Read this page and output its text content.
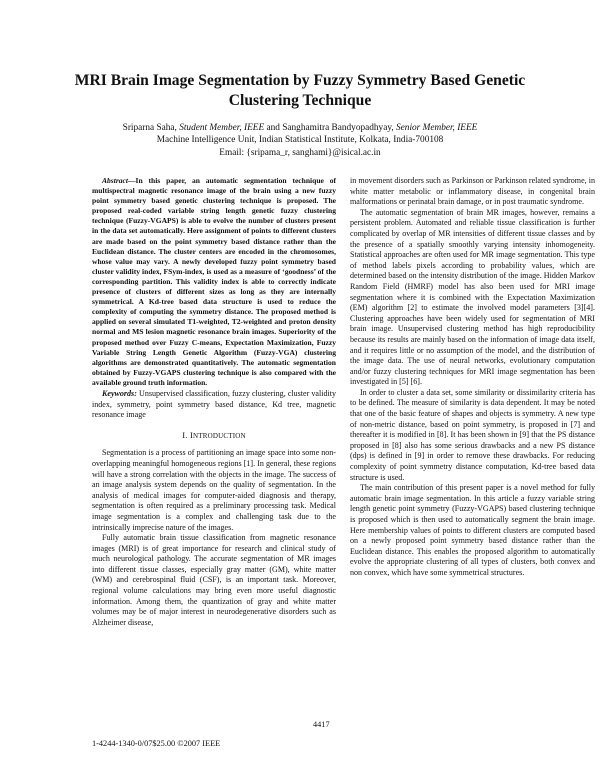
MRI Brain Image Segmentation by Fuzzy Symmetry Based Genetic
Clustering Technique

Sriparna Saha, Student Member, IEEE and Sanghamitra Bandyopadhyay, Senior Member, IEEE

Machine Intelligence Unit, Indian Statistical Institute, Kolkata, India-700108

Email: {sripama_r, sanghami}@isical.ac.in

Abstract—In this paper, an automatic segmentation technique of multispectral magnetic resonance image of the brain using a new fuzzy point symmetry based genetic clustering technique is proposed. The proposed real-coded variable string length genetic fuzzy clustering technique (Fuzzy-VGAPS) is able to evolve the number of clusters present in the data set automatically. Here assignment of points to different clusters are made based on the point symmetry based distance rather than the Euclidean distance. The cluster centers are encoded in the chromosomes, whose value may vary. A newly developed fuzzy point symmetry based cluster validity index, FSym-index, is used as a measure of ‘goodness’ of the corresponding partition. This validity index is able to correctly indicate presence of clusters of different sizes as long as they are internally symmetrical. A Kd-tree based data structure is used to reduce the complexity of computing the symmetry distance. The proposed method is applied on several simulated T1-weighted, T2-weighted and proton density normal and MS lesion magnetic resonance brain images. Superiority of the proposed method over Fuzzy C-means, Expectation Maximization, Fuzzy Variable String Length Genetic Algorithm (Fuzzy-VGA) clustering algorithms are demonstrated quantitatively. The automatic segmentation obtained by Fuzzy-VGAPS clustering technique is also compared with the available ground truth information.

Keywords: Unsupervised classification, fuzzy clustering, cluster validity index, symmetry, point symmetry based distance, Kd tree, magnetic resonance image

I. INTRODUCTION

Segmentation is a process of partitioning an image space into some non-overlapping meaningful homogeneous regions [1]. In general, these regions will have a strong correlation with the objects in the image. The success of an image analysis system depends on the quality of segmentation. In the analysis of medical images for computer-aided diagnosis and therapy, segmentation is often required as a preliminary processing task. Medical image segmentation is a complex and challenging task due to the intrinsically imprecise nature of the images.

Fully automatic brain tissue classification from magnetic resonance images (MRI) is of great importance for research and clinical study of much neurological pathology. The accurate segmentation of MR images into different tissue classes, especially gray matter (GM), white matter (WM) and cerebrospinal fluid (CSF), is an important task. Moreover, regional volume calculations may bring even more useful diagnostic information. Among them, the quantization of gray and white matter volumes may be of major interest in neurodegenerative disorders such as Alzheimer disease,

in movement disorders such as Parkinson or Parkinson related syndrome, in white matter metabolic or inflammatory disease, in congenital brain malformations or perinatal brain damage, or in post traumatic syndrome.

The automatic segmentation of brain MR images, however, remains a persistent problem. Automated and reliable tissue classification is further complicated by overlap of MR intensities of different tissue classes and by the presence of a spatially smoothly varying intensity inhomogeneity. Statistical approaches are often used for MR image segmentation. This type of method labels pixels according to probability values, which are determined based on the intensity distribution of the image. Hidden Markov Random Field (HMRF) model has also been used for MRI image segmentation where it is combined with the Expectation Maximization (EM) algorithm [2] to estimate the involved model parameters [3][4]. Clustering approaches have been widely used for segmentation of MRI brain image. Unsupervised clustering method has high reproducibility because its results are mainly based on the information of image data itself, and it requires little or no assumption of the model, and the distribution of the image data. The use of neural networks, evolutionary computation and/or fuzzy clustering techniques for MRI image segmentation has been investigated in [5] [6].

In order to cluster a data set, some similarity or dissimilarity criteria has to be defined. The measure of similarity is data dependent. It may be noted that one of the basic feature of shapes and objects is symmetry. A new type of non-metric distance, based on point symmetry, is proposed in [7] and thereafter it is modified in [8]. It has been shown in [9] that the PS distance proposed in [8] also has some serious drawbacks and a new PS distance (dps) is defined in [9] in order to remove these drawbacks. For reducing complexity of point symmetry distance computation, Kd-tree based data structure is used.

The main contribution of this present paper is a novel method for fully automatic brain image segmentation. In this article a fuzzy variable string length genetic point symmetry (Fuzzy-VGAPS) based clustering technique is proposed which is then used to automatically segment the brain image. Here membership values of points to different clusters are computed based on a newly proposed point symmetry based distance rather than the Euclidean distance. This enables the proposed algorithm to automatically evolve the appropriate clustering of all types of clusters, both convex and non convex, which have some symmetrical structures.

4417
1-4244-1340-0/07$25.00 ©2007 IEEE
